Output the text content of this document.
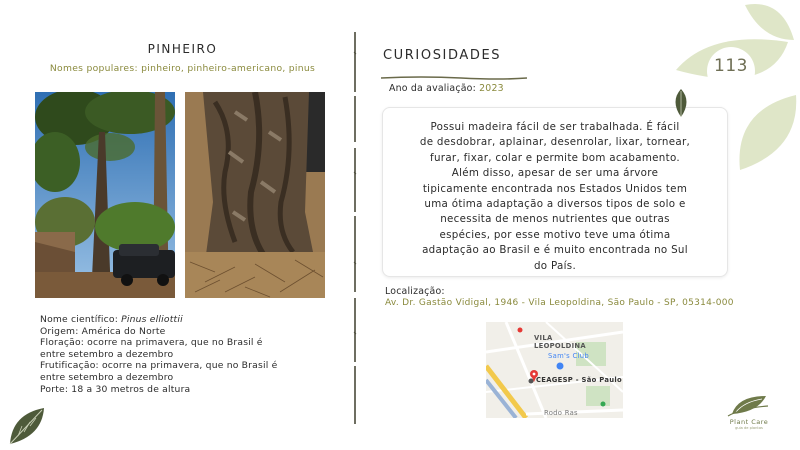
PINHEIRO
Nomes populares: pinheiro, pinheiro-americano, pinus
Nome científico: Pinus elliottii
Origem: América do Norte
Floração: ocorre na primavera, que no Brasil é
entre setembro a dezembro
Frutificação: ocorre na primavera, que no Brasil é
entre setembro a dezembro
Porte: 18 a 30 metros de altura
CURIOSIDADES
Ano da avaliação: 2023
Possui madeira fácil de ser trabalhada. É fácil
de desdobrar, aplainar, desenrolar, lixar, tornear,
furar, fixar, colar e permite bom acabamento.
Além disso, apesar de ser uma árvore
tipicamente encontrada nos Estados Unidos tem
uma ótima adaptação a diversos tipos de solo e
necessita de menos nutrientes que outras
espécies, por esse motivo teve uma ótima
adaptação ao Brasil e é muito encontrada no Sul
do País.
Localização:
Av. Dr. Gastão Vidigal, 1946 - Vila Leopoldina, São Paulo - SP, 05314-000
VILA
LEOPOLDINA
Sam's Club
CEAGESP - São Paulo
Rodo Ras
113
Plant Care
guia de plantas
